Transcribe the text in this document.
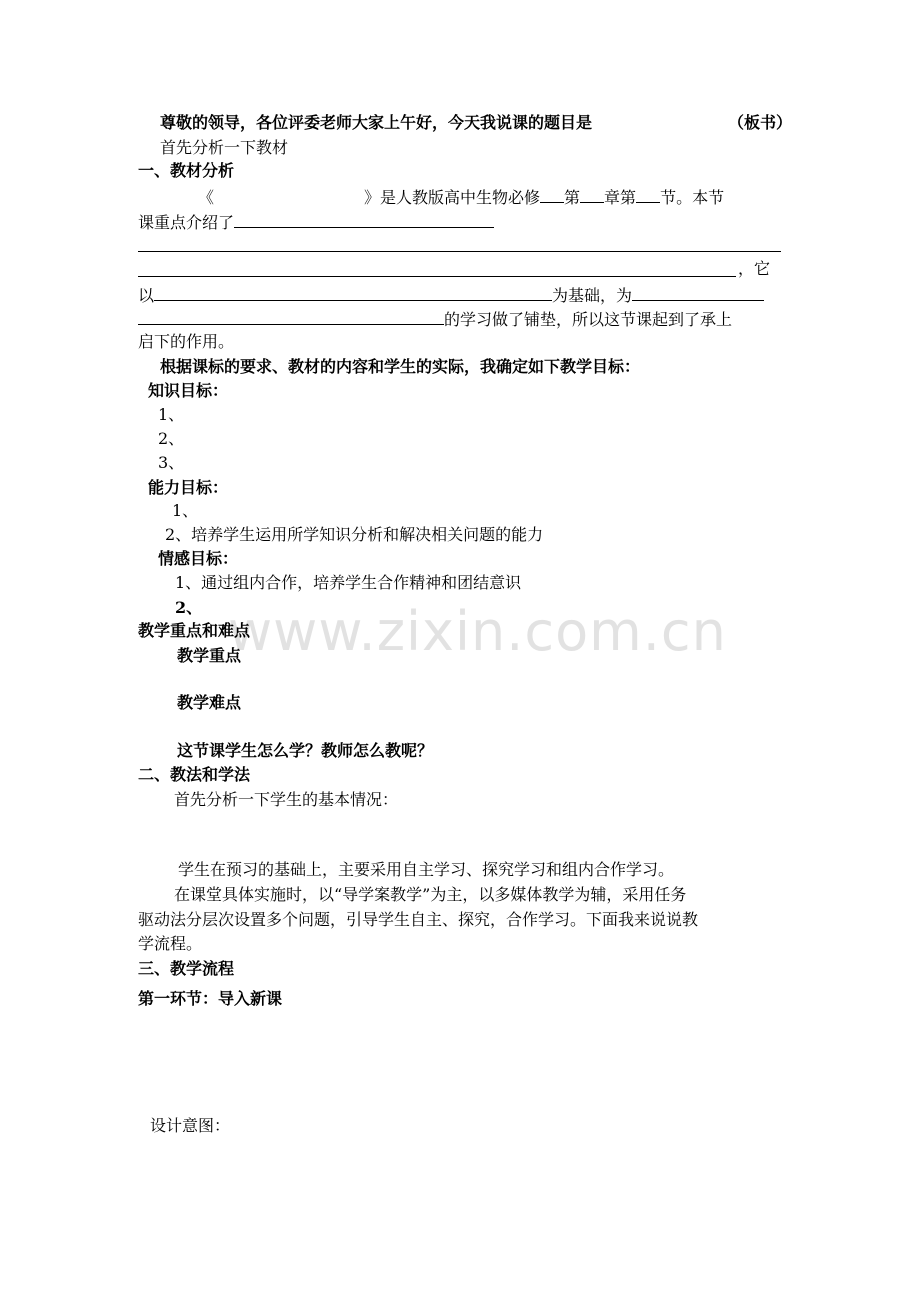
www.zixin.com.cn
尊敬的领导，各位评委老师大家上午好，今天我说课的题目是	（板书）
首先分析一下教材
一、教材分析
《	》是人教版高中生物必修 第 章第 节。本节
课重点介绍了
，它
以	为基础，为
的学习做了铺垫，所以这节课起到了承上
启下的作用。
根据课标的要求、教材的内容和学生的实际，我确定如下教学目标：
知识目标：
1、
2、
3、
能力目标：
1、
2、培养学生运用所学知识分析和解决相关问题的能力
情感目标：
1、通过组内合作，培养学生合作精神和团结意识
2、
教学重点和难点
教学重点
教学难点
这节课学生怎么学？教师怎么教呢？
二、教法和学法
首先分析一下学生的基本情况：
学生在预习的基础上，主要采用自主学习、探究学习和组内合作学习。
在课堂具体实施时，以“导学案教学”为主，以多媒体教学为辅，采用任务
驱动法分层次设置多个问题，引导学生自主、探究，合作学习。下面我来说说教
学流程。
三、教学流程
第一环节：导入新课
设计意图：
